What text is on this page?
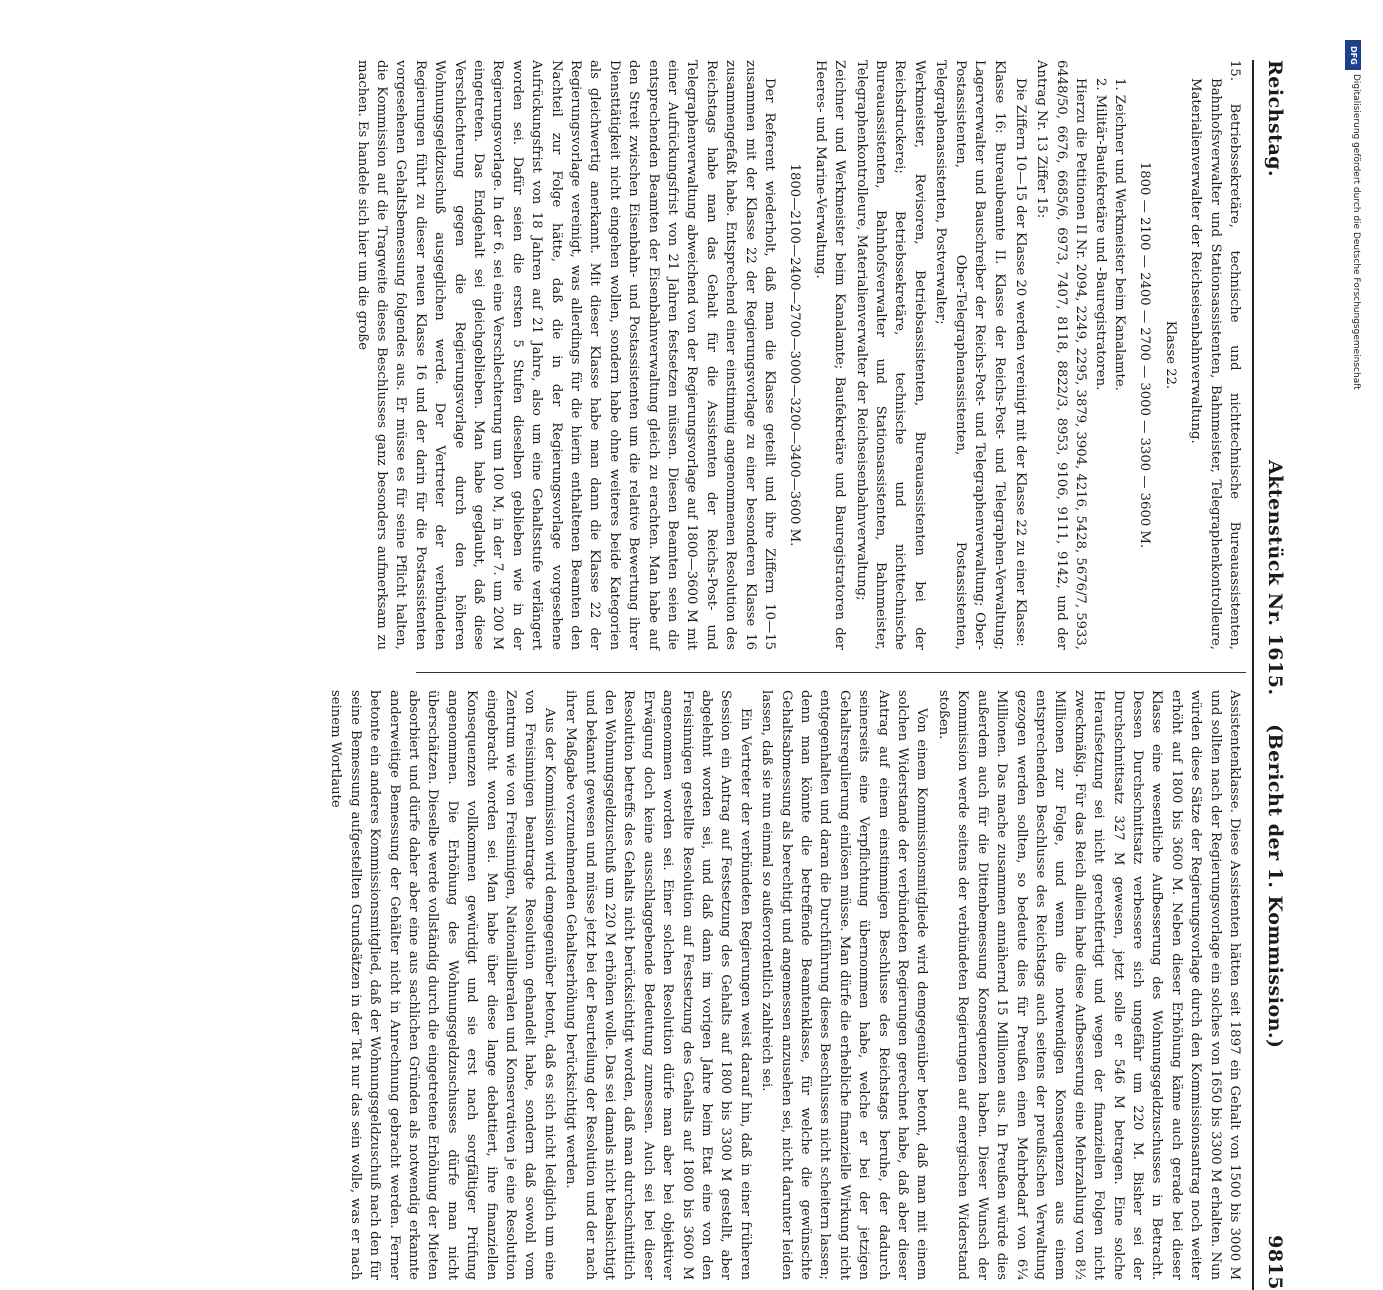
Reichstag.
Aktenstück Nr. 1615.    (Bericht der 1. Kommission.)
9815

15. Betriebssekretäre, technische und nichttechnische Bureauassistenten, Bahnhofsverwalter und Stationsassistenten, Bahnmeister, Telegraphenkontrolleure, Materialienverwalter der Reichseisenbahnverwaltung.

Klasse 22.

1800 — 2100 — 2400 — 2700 — 3000 — 3300 — 3600 M.

1. Zeichner und Werkmeister beim Kanalamte.

2. Militär-Baufekretäre und -Bauregistratoren.

Hierzu die Petitionen II Nr. 2094, 2249, 2295, 3879, 3904, 4216, 5428, 5676/7, 5933, 6448/50, 6676, 6685/6, 6973, 7407, 8118, 8822/3, 8953, 9106, 9111, 9142, und der Antrag Nr. 13 Ziffer 15:

Die Ziffern 10—15 der Klasse 20 werden vereinigt mit der Klasse 22 zu einer Klasse:

Klasse 16: Bureaubeamte II. Klasse der Reichs-Post- und Telegraphen-Verwaltung; Lagerverwalter und Bauschreiber der Reichs-Post- und Telegraphenverwaltung; Ober-Postassistenten, Ober-Telegraphenassistenten, Postassistenten, Telegraphenassistenten, Postverwalter;

Werkmeister, Revisoren, Betriebsassistenten, Bureauassistenten bei der Reichsdruckerei; Betriebssekretäre, technische und nichttechnische Bureauassistenten, Bahnhofsverwalter und Stationsassistenten, Bahnmeister, Telegraphenkontrolleure, Materialienverwalter der Reichseisenbahnverwaltung;

Zeichner und Werkmeister beim Kanalamte; Baufekretäre und Bauregistratoren der Heeres- und Marine-Verwaltung.

1800—2100—2400—2700—3000—3200—3400—3600 M.

Der Referent wiederholt, daß man die Klasse geteilt und ihre Ziffern 10—15 zusammen mit der Klasse 22 der Regierungsvorlage zu einer besonderen Klasse 16 zusammengefaßt habe. Entsprechend einer einstimmig angenommenen Resolution des Reichstags habe man das Gehalt für die Assistenten der Reichs-Post- und Telegraphenverwaltung abweichend von der Regierungsvorlage auf 1800—3600 M mit einer Aufrückungsfrist von 21 Jahren festsetzen müssen. Diesen Beamten seien die entsprechenden Beamten der Eisenbahnverwaltung gleich zu erachten. Man habe auf den Streit zwischen Eisenbahn- und Postassistenten um die relative Bewertung ihrer Diensttätigkeit nicht eingehen wollen, sondern habe ohne weiteres beide Kategorien als gleichwertig anerkannt. Mit dieser Klasse habe man dann die Klasse 22 der Regierungsvorlage vereinigt, was allerdings für die hierin enthaltenen Beamten den Nachteil zur Folge hätte, daß die in der Regierungsvorlage vorgesehene Aufrückungsfrist von 18 Jahren auf 21 Jahre, also um eine Gehaltsstufe verlängert worden sei. Dafür seien die ersten 5 Stufen dieselben geblieben wie in der Regierungsvorlage. In der 6. sei eine Verschlechterung um 100 M, in der 7. um 200 M eingetreten. Das Endgehalt sei gleichgeblieben. Man habe geglaubt, daß diese Verschlechterung gegen die Regierungsvorlage durch den höheren Wohnungsgeldzuschuß ausgeglichen werde. Der Vertreter der verbündeten Regierungen führt zu dieser neuen Klasse 16 und der darin für die Postassistenten vorgesehenen Gehaltsbemessung folgendes aus. Er müsse es für seine Pflicht halten, die Kommission auf die Tragweite dieses Beschlusses ganz besonders aufmerksam zu machen. Es handele sich hier um die große

Assistentenklasse. Diese Assistenten hätten seit 1897 ein Gehalt von 1500 bis 3000 M und sollten nach der Regierungsvorlage ein solches von 1650 bis 3300 M erhalten. Nun würden diese Sätze der Regierungsvorlage durch den Kommissionsantrag noch weiter erhöht auf 1800 bis 3600 M. Neben dieser Erhöhung käme auch gerade bei dieser Klasse eine wesentliche Aufbesserung des Wohnungsgeldzuschusses in Betracht. Dessen Durchschnittsatz verbessere sich ungefähr um 220 M. Bisher sei der Durchschnittsatz 327 M gewesen, jetzt solle er 546 M betragen. Eine solche Heraufsetzung sei nicht gerechtfertigt und wegen der finanziellen Folgen nicht zweckmäßig. Für das Reich allein habe diese Aufbesserung eine Mehrzahlung von 8½ Millionen zur Folge, und wenn die notwendigen Konsequenzen aus einem entsprechenden Beschlusse des Reichstags auch seitens der preußischen Verwaltung gezogen werden sollten, so bedeute dies für Preußen einen Mehrbedarf von 6¼ Millionen. Das mache zusammen annähernd 15 Millionen aus. In Preußen würde dies außerdem auch für die Dittenbemessung Konsequenzen haben. Dieser Wunsch der Kommission werde seitens der verbündeten Regierungen auf energischen Widerstand stoßen.

Von einem Kommissionsmitgliede wird demgegenüber betont, daß man mit einem solchen Widerstande der verbündeten Regierungen gerechnet habe, daß aber dieser Antrag auf einem einstimmigen Beschlusse des Reichstags beruhe, der dadurch seinerseits eine Verpflichtung übernommen habe, welche er bei der jetzigen Gehaltsregulierung einlösen müsse. Man dürfe die erhebliche finanzielle Wirkung nicht entgegenhalten und daran die Durchführung dieses Beschlusses nicht scheitern lassen; denn man könnte die betreffende Beamtenklasse, für welche die gewünschte Gehaltsabmessung als berechtigt und angemessen anzusehen sei, nicht darunter leiden lassen, daß sie nun einmal so außerordentlich zahlreich sei.

Ein Vertreter der verbündeten Regierungen weist darauf hin, daß in einer früheren Session ein Antrag auf Festsetzung des Gehalts auf 1800 bis 3300 M gestellt, aber abgelehnt worden sei, und daß dann im vorigen Jahre beim Etat eine von den Freisinnigen gestellte Resolution auf Festsetzung des Gehalts auf 1800 bis 3600 M angenommen worden sei. Einer solchen Resolution dürfe man aber bei objektiver Erwägung doch keine ausschlaggebende Bedeutung zumessen. Auch sei bei dieser Resolution betreffs des Gehalts nicht berücksichtigt worden, daß man durchschnittlich den Wohnungsgeldzuschuß um 220 M erhöhen wolle. Das sei damals nicht beabsichtigt und bekannt gewesen und müsse jetzt bei der Beurteilung der Resolution und der nach ihrer Maßgabe vorzunehmenden Gehaltserhöhung berücksichtigt werden.

Aus der Kommission wird demgegenüber betont, daß es sich nicht lediglich um eine von Freisinnigen beantragte Resolution gehandelt habe, sondern daß sowohl vom Zentrum wie von Freisinnigen, Nationalliberalen und Konservativen je eine Resolution eingebracht worden sei. Man habe über diese lange debattiert, ihre finanziellen Konsequenzen vollkommen gewürdigt und sie erst nach sorgfältiger Prüfung angenommen. Die Erhöhung des Wohnungsgeldzuschusses dürfe man nicht überschätzen. Dieselbe werde vollständig durch die eingetretene Erhöhung der Mieten absorbiert und dürfe daher aber eine aus sachlichen Gründen als notwendig erkannte anderweitige Bemessung der Gehälter nicht in Anrechnung gebracht werden. Ferner betonte ein anderes Kommissionsmitglied, daß der Wohnungsgeldzuschuß nach den für seine Bemessung aufgestellten Grundsätzen in der Tat nur das sein wolle, was er nach seinem Wortlaute

DFG
Digitalisierung gefördert durch die Deutsche Forschungsgemeinschaft
